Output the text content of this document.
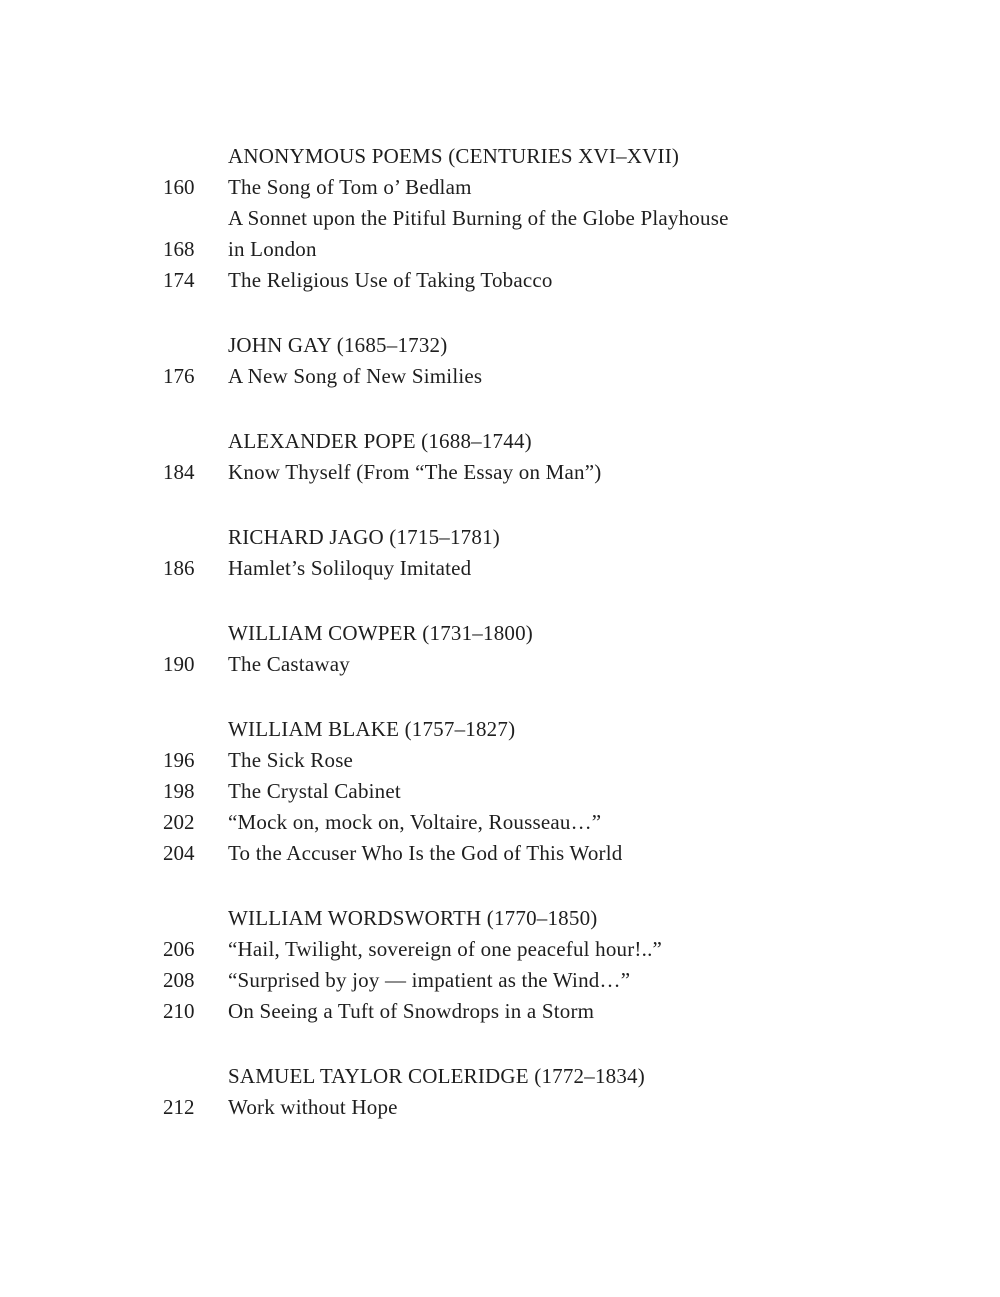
ANONYMOUS POEMS (CENTURIES XVI–XVII)
160	The Song of Tom o’ Bedlam
A Sonnet upon the Pitiful Burning of the Globe Playhouse
168	in London
174	The Religious Use of Taking Tobacco
JOHN GAY (1685–1732)
176	A New Song of New Similies
ALEXANDER POPE (1688–1744)
184	Know Thyself (From “The Essay on Man”)
RICHARD JAGO (1715–1781)
186	Hamlet’s Soliloquy Imitated
WILLIAM COWPER (1731–1800)
190	The Castaway
WILLIAM BLAKE (1757–1827)
196	The Sick Rose
198	The Crystal Cabinet
202	“Mock on, mock on, Voltaire, Rousseau…”
204	To the Accuser Who Is the God of This World
WILLIAM WORDSWORTH (1770–1850)
206	“Hail, Twilight, sovereign of one peaceful hour!..”
208	“Surprised by joy — impatient as the Wind…”
210	On Seeing a Tuft of Snowdrops in a Storm
SAMUEL TAYLOR COLERIDGE (1772–1834)
212	Work without Hope
